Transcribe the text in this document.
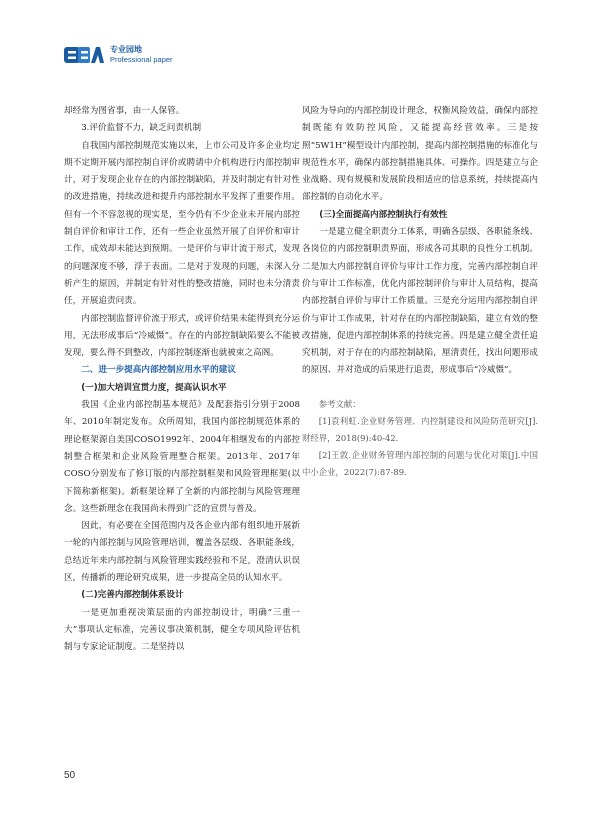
专业园地
Professional paper

却经常为图省事，由一人保管。

3.评价监督不力，缺乏问责机制

自我国内部控制规范实施以来，上市公司及许多企业均定期不定期开展内部控制自评价或聘请中介机构进行内部控制审计，对于发现企业存在的内部控制缺陷，并及时制定有针对性的改进措施，持续改进和提升内部控制水平发挥了重要作用。但有一个不容忽视的现实是，至今仍有不少企业未开展内部控制自评价和审计工作，还有一些企业虽然开展了自评价和审计工作，成效却未能达到预期。一是评价与审计流于形式，发现的问题深度不够，浮于表面。二是对于发现的问题，未深入分析产生的原因，并制定有针对性的整改措施，同时也未分清责任，开展追责问责。

内部控制监督评价流于形式，或评价结果未能得到充分运用，无法形成事后“冷威慑”。存在的内部控制缺陷要么不能被发现，要么得不到整改，内部控制逐渐也就被束之高阁。

二、进一步提高内部控制应用水平的建议

(一)加大培训宣贯力度，提高认识水平

我国《企业内部控制基本规范》及配套指引分别于2008年、2010年制定发布。众所周知，我国内部控制规范体系的理论框架源自美国COSO1992年、2004年相继发布的内部控制整合框架和企业风险管理整合框架。2013年、2017年COSO分别发布了修订版的内部控制框架和风险管理框架(以下简称新框架)。新框架诠释了全新的内部控制与风险管理理念。这些新理念在我国尚未得到广泛的宣贯与普及。

因此，有必要在全国范围内及各企业内部有组织地开展新一轮的内部控制与风险管理培训，覆盖各层级、各职能条线，总结近年来内部控制与风险管理实践经验和不足，澄清认识误区，传播新的理论研究成果，进一步提高全员的认知水平。

(二)完善内部控制体系设计

一是更加重视决策层面的内部控制设计，明确“三重一大”事项认定标准，完善议事决策机制，健全专项风险评估机制与专家论证制度。二是坚持以

风险为导向的内部控制设计理念，权衡风险效益，确保内部控制既能有效防控风险，又能提高经营效率。三是按照“5W1H”模型设计内部控制，提高内部控制措施的标准化与规范性水平，确保内部控制措施具体、可操作。四是建立与企业战略、现有规模和发展阶段相适应的信息系统，持续提高内部控制的自动化水平。

(三)全面提高内部控制执行有效性

一是建立健全职责分工体系，明确各层级、各职能条线、各岗位的内部控制职责界面，形成各司其职的良性分工机制。二是加大内部控制自评价与审计工作力度，完善内部控制自评价与审计工作标准，优化内部控制评价与审计人员结构，提高内部控制自评价与审计工作质量。三是充分运用内部控制自评价与审计工作成果，针对存在的内部控制缺陷，建立有效的整改措施，促进内部控制体系的持续完善。四是建立健全责任追究机制，对于存在的内部控制缺陷，厘清责任，找出问题形成的原因、并对造成的后果进行追责，形成事后“冷威慑”。

参考文献：

[1]袁利虹.企业财务管理、内控制建设和风险防范研究[J].财经界，2018(9):40-42.

[2]王敦.企业财务管理内部控制的问题与优化对策[J].中国中小企业，2022(7):87-89.

50
